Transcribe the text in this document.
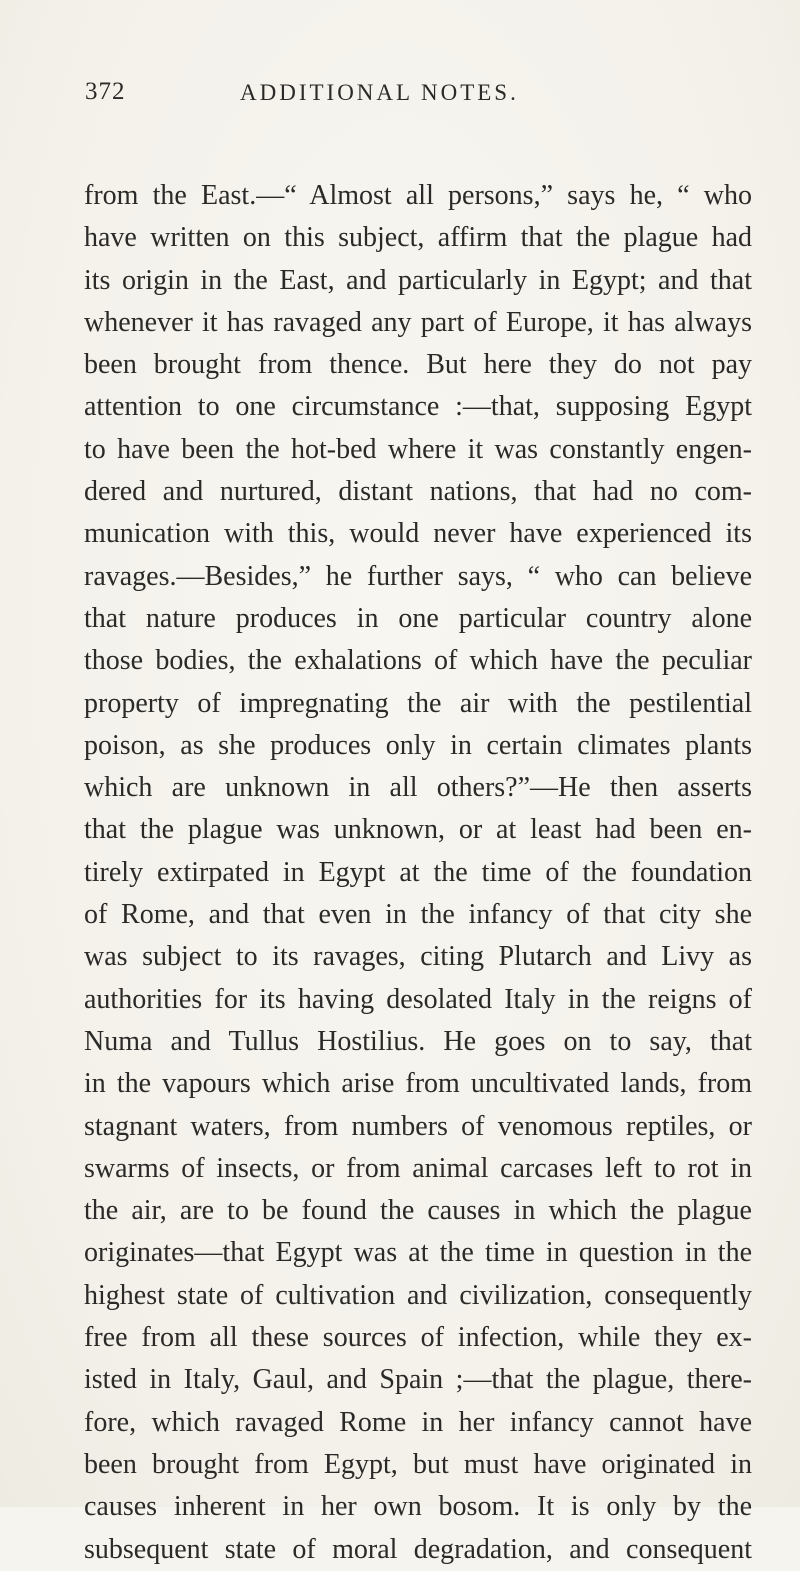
372	ADDITIONAL NOTES.
from the East.—“ Almost all persons,” says he, “ who
have written on this subject, affirm that the plague had
its origin in the East, and particularly in Egypt; and that
whenever it has ravaged any part of Europe, it has always
been brought from thence. But here they do not pay
attention to one circumstance :—that, supposing Egypt
to have been the hot-bed where it was constantly engen-
dered and nurtured, distant nations, that had no com-
munication with this, would never have experienced its
ravages.—Besides,” he further says, “ who can believe
that nature produces in one particular country alone
those bodies, the exhalations of which have the peculiar
property of impregnating the air with the pestilential
poison, as she produces only in certain climates plants
which are unknown in all others?”—He then asserts
that the plague was unknown, or at least had been en-
tirely extirpated in Egypt at the time of the foundation
of Rome, and that even in the infancy of that city she
was subject to its ravages, citing Plutarch and Livy as
authorities for its having desolated Italy in the reigns of
Numa and Tullus Hostilius. He goes on to say, that
in the vapours which arise from uncultivated lands, from
stagnant waters, from numbers of venomous reptiles, or
swarms of insects, or from animal carcases left to rot in
the air, are to be found the causes in which the plague
originates—that Egypt was at the time in question in the
highest state of cultivation and civilization, consequently
free from all these sources of infection, while they ex-
isted in Italy, Gaul, and Spain ;—that the plague, there-
fore, which ravaged Rome in her infancy cannot have
been brought from Egypt, but must have originated in
causes inherent in her own bosom. It is only by the
subsequent state of moral degradation, and consequent
